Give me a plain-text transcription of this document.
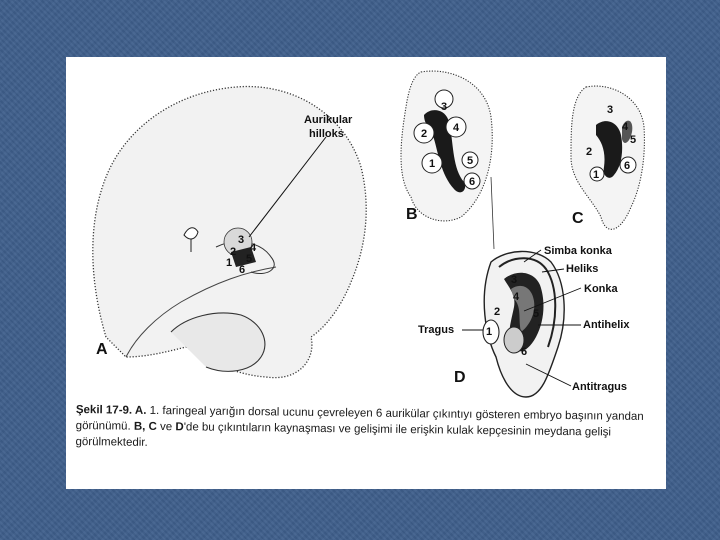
3
4
2
5
1
6
Aurikular
hilloks
A
3
4
2
1	5
6
B
3
4
5
2
6
1
C
3
4
2	5
1
6
Simba konka
Heliks
Konka
Antihelix
Tragus
Antitragus
D

Şekil 17-9. A. 1. faringeal yarığın dorsal ucunu çevreleyen 6 aurikülar çıkıntıyı gösteren embryo başının yandan görünümü. B, C ve D'de bu çıkıntıların kaynaşması ve gelişimi ile erişkin kulak kepçesinin meydana gelişi görülmektedir.
